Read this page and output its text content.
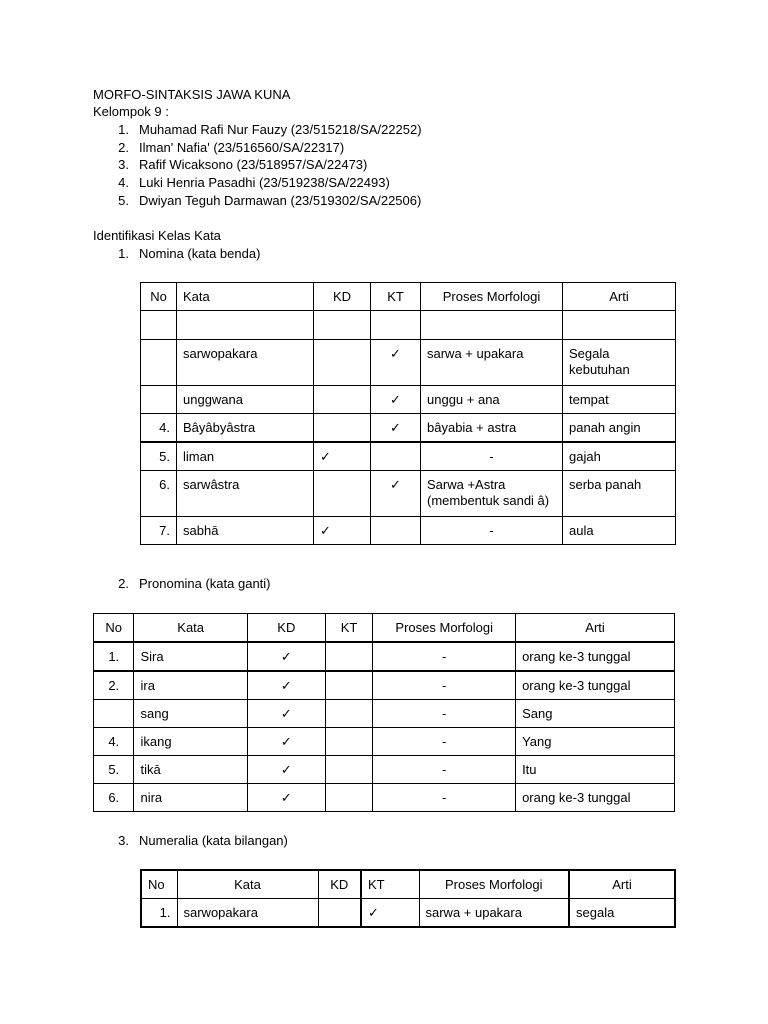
MORFO-SINTAKSIS JAWA KUNA
Kelompok 9 :
1. Muhamad Rafi Nur Fauzy (23/515218/SA/22252)
2. Ilman' Nafia' (23/516560/SA/22317)
3. Rafif Wicaksono (23/518957/SA/22473)
4. Luki Henria Pasadhi (23/519238/SA/22493)
5. Dwiyan Teguh Darmawan (23/519302/SA/22506)
Identifikasi Kelas Kata
1. Nomina (kata benda)
No	Kata	KD	KT	Proses Morfologi	Arti

	sarwopakara		✓	sarwa + upakara	Segala kebutuhan
	unggwana		✓	unggu + ana	tempat
4.	Bâyâbyâstra		✓	bâyabia + astra	panah angin
5.	liman	✓		-	gajah
6.	sarwâstra		✓	Sarwa +Astra (membentuk sandi â)	serba panah
7.	sabhā	✓		-	aula
2. Pronomina (kata ganti)
No	Kata	KD	KT	Proses Morfologi	Arti
1.	Sira	✓		-	orang ke-3 tunggal
2.	ira	✓		-	orang ke-3 tunggal
	sang	✓		-	Sang
4.	ikang	✓		-	Yang
5.	tikā	✓		-	Itu
6.	nira	✓		-	orang ke-3 tunggal
3. Numeralia (kata bilangan)
No	Kata	KD	KT	Proses Morfologi	Arti
1.	sarwopakara		✓	sarwa + upakara	segala
